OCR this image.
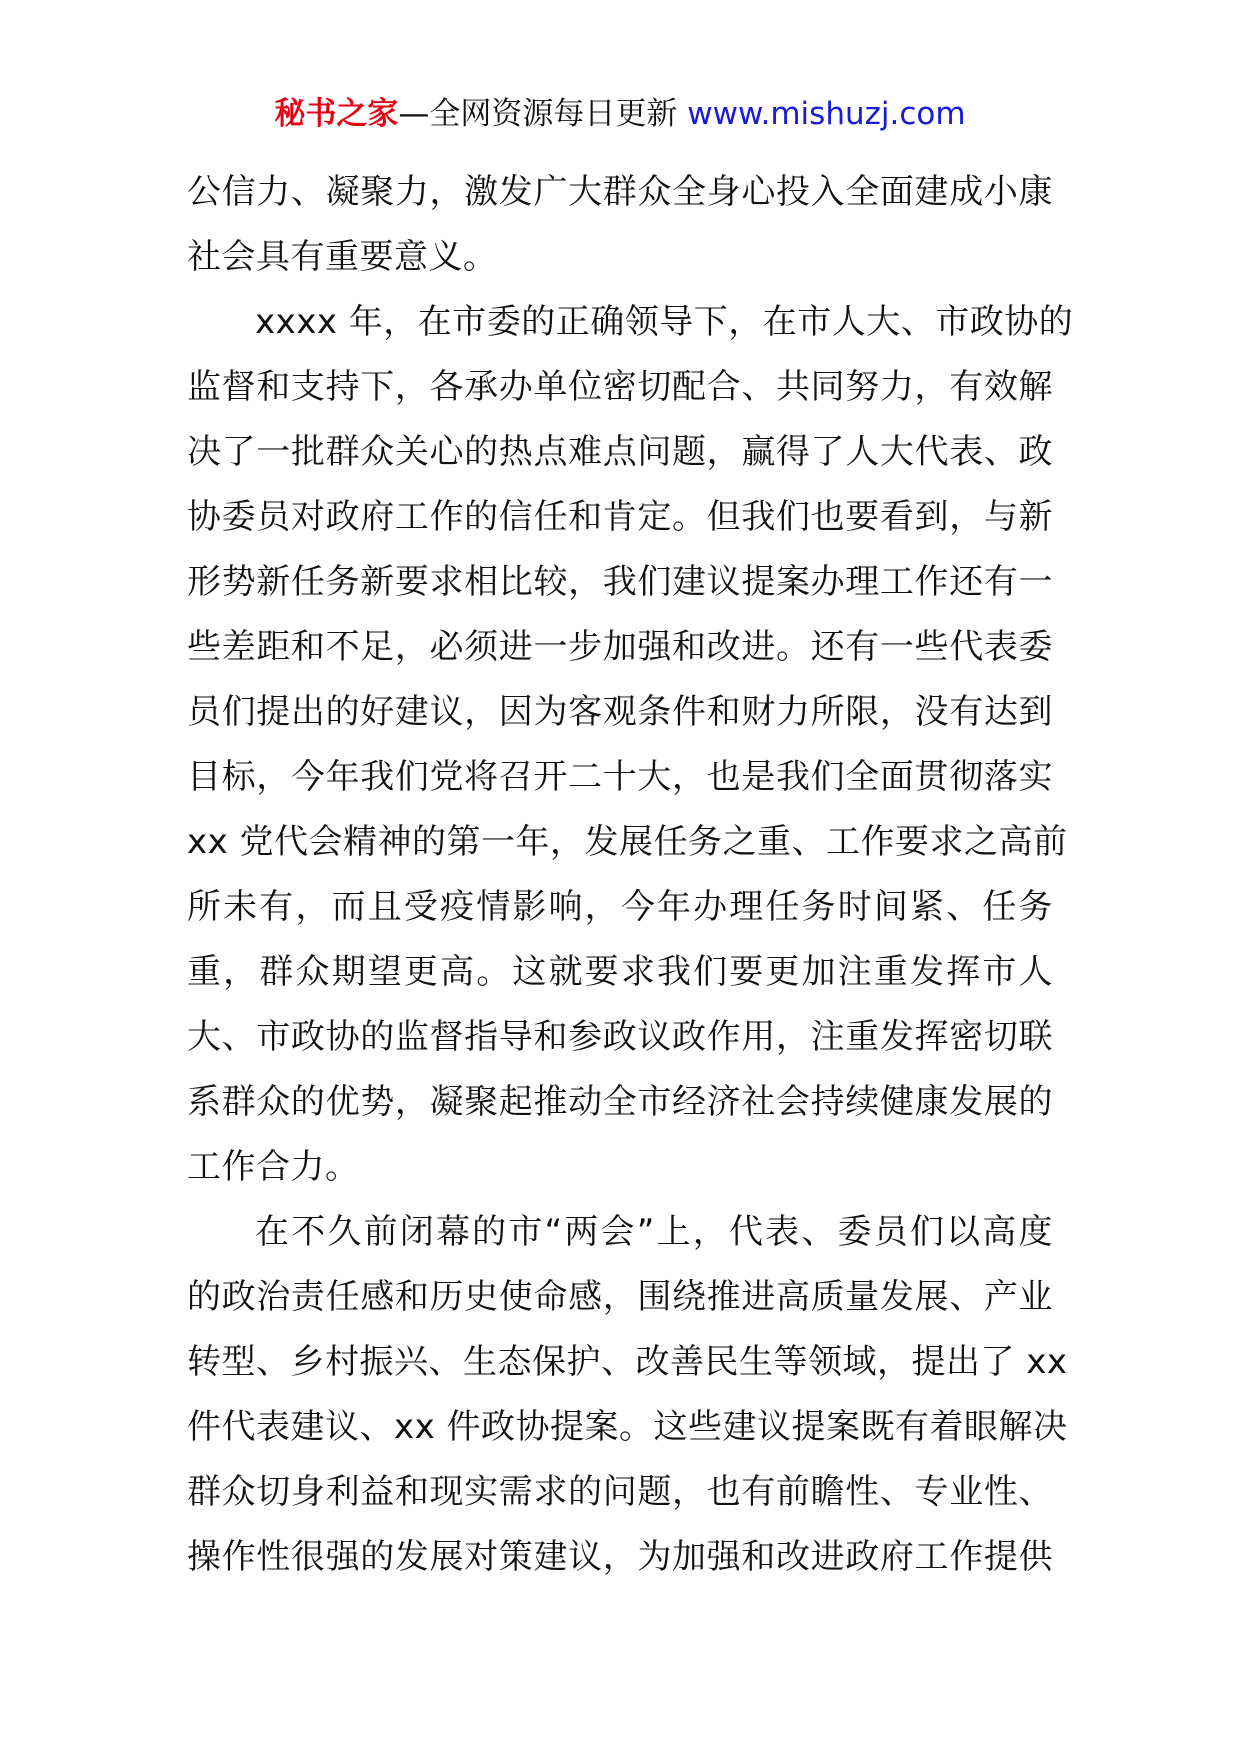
秘书之家—全网资源每日更新 www.mishuzj.com
公信力、凝聚力，激发广大群众全身心投入全面建成小康
社会具有重要意义。
xxxx 年，在市委的正确领导下，在市人大、市政协的
监督和支持下，各承办单位密切配合、共同努力，有效解
决了一批群众关心的热点难点问题，赢得了人大代表、政
协委员对政府工作的信任和肯定。但我们也要看到，与新
形势新任务新要求相比较，我们建议提案办理工作还有一
些差距和不足，必须进一步加强和改进。还有一些代表委
员们提出的好建议，因为客观条件和财力所限，没有达到
目标，今年我们党将召开二十大，也是我们全面贯彻落实
xx 党代会精神的第一年，发展任务之重、工作要求之高前
所未有，而且受疫情影响，今年办理任务时间紧、任务
重，群众期望更高。这就要求我们要更加注重发挥市人
大、市政协的监督指导和参政议政作用，注重发挥密切联
系群众的优势，凝聚起推动全市经济社会持续健康发展的
工作合力。
在不久前闭幕的市“两会”上，代表、委员们以高度
的政治责任感和历史使命感，围绕推进高质量发展、产业
转型、乡村振兴、生态保护、改善民生等领域，提出了 xx
件代表建议、xx 件政协提案。这些建议提案既有着眼解决
群众切身利益和现实需求的问题，也有前瞻性、专业性、
操作性很强的发展对策建议，为加强和改进政府工作提供
